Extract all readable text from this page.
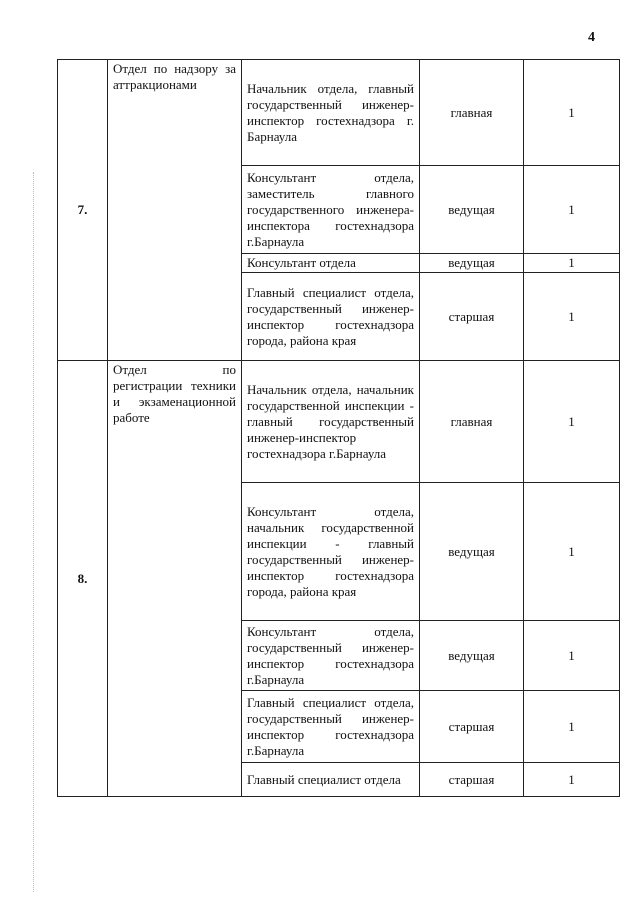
4
7.	Отдел по надзору за аттракционами	Начальник отдела, главный государственный инженер-инспектор гостехнадзора г. Барнаула	главная	1
		Консультант отдела, заместитель главного государственного инженера-инспектора гостехнадзора г.Барнаула	ведущая	1
		Консультант отдела	ведущая	1
		Главный специалист отдела, государственный инженер-инспектор гостехнадзора города, района края	старшая	1
8.	Отдел по регистрации техники и экзаменационной работе	Начальник отдела, начальник государственной инспекции - главный государственный инженер-инспектор гостехнадзора г.Барнаула	главная	1
		Консультант отдела, начальник государственной инспекции - главный государственный инженер-инспектор гостехнадзора города, района края	ведущая	1
		Консультант отдела, государственный инженер-инспектор гостехнадзора г.Барнаула	ведущая	1
		Главный специалист отдела, государственный инженер-инспектор гостехнадзора г.Барнаула	старшая	1
		Главный специалист отдела	старшая	1
